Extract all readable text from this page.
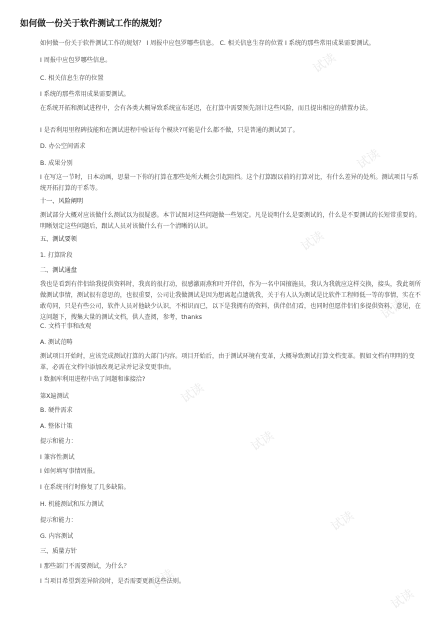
试读
试读
试读
试读
试读
试读
试读
试读
试读
如何做一份关于软件测试工作的规划？
如何做一份关于软件测试工作的规划？ I 周报中应包罗哪些信息。 C. 相关信息生存的位置 I 系统的那些常用成果需要测试。
I 周报中应包罗哪些信息。
C. 相关信息生存的位置
I 系统的那些常用成果需要测试。
在系统开拓和测试进程中，会有各类大概导致系统宣布延迟，在打算中需要预先剖计这些风险，而且提出相应的措置办法。
I 是否利用里程碑技能和在测试进程中验证每个模块?可能是什么都不做，只是普通的测试罢了。
D. 办公空间需求
B. 成果分别
I 在写这一节时，日本动画，思量一下你的打算在那些处所大概会引起阻挡。这个打算跟以前的打算对比，有什么差异的处所。测试项目与系统开拓打算的干系等。
十一、风险阐明
测试部分大概对应该做什么测试以为很疑惑。本节试图对这些问题做一些划定。凡是说明什么是要测试的，什么是不要测试的长短常重要的。明晰划定这些问题后，跟试人员对该做什么有一个清晰的认识。
五、测试要领
1. 打算阶段
二、测试通盘
我也是看到有伴侣给我提供资料时，我真的很打动，很感激雨燕和叶开伴侣，作为一名中国擅施员，我认为我就应这样交换，接头，我此刻所做测试事情，测试很有意思的，也很重要，公司让我做测试是因为想离起点遗就我，关于有人认为测试是比软件工程师低一等的事情，实在不敢苟同，只是有些公司，软件人员对他缺少认识，不相识而已，以下是我拥有的资料，供伴侣们看，也同时但愿伴侣们多提供资料，意见，在这问题下，搜集大量的测试文档，供人查阅，参考，thanks
C. 文档干事和改观
A. 测试范畴
测试项目开始时，应该完成测试打算的大部门内容。项目开始后，由于测试环境有变革，大概导致测试打算文档变革。假如文档有明明的变革，必需在文档中添加改观记录并记录变更事由。
I 数据库利用进程中出了问题和谁接洽?
第X遍测试
B. 硬件需求
A. 整体计策
提示和能力：
I 兼容性测试
I 如何填写事情周报。
I 在系统刊行时修复了几多缺陷。
H. 机能测试和压力测试
提示和能力：
G. 内容测试
三、质量方针
I 那些部门不需要测试，为什么？
I 当项目希望到差异阶段时，是否需要更新这些法则。
